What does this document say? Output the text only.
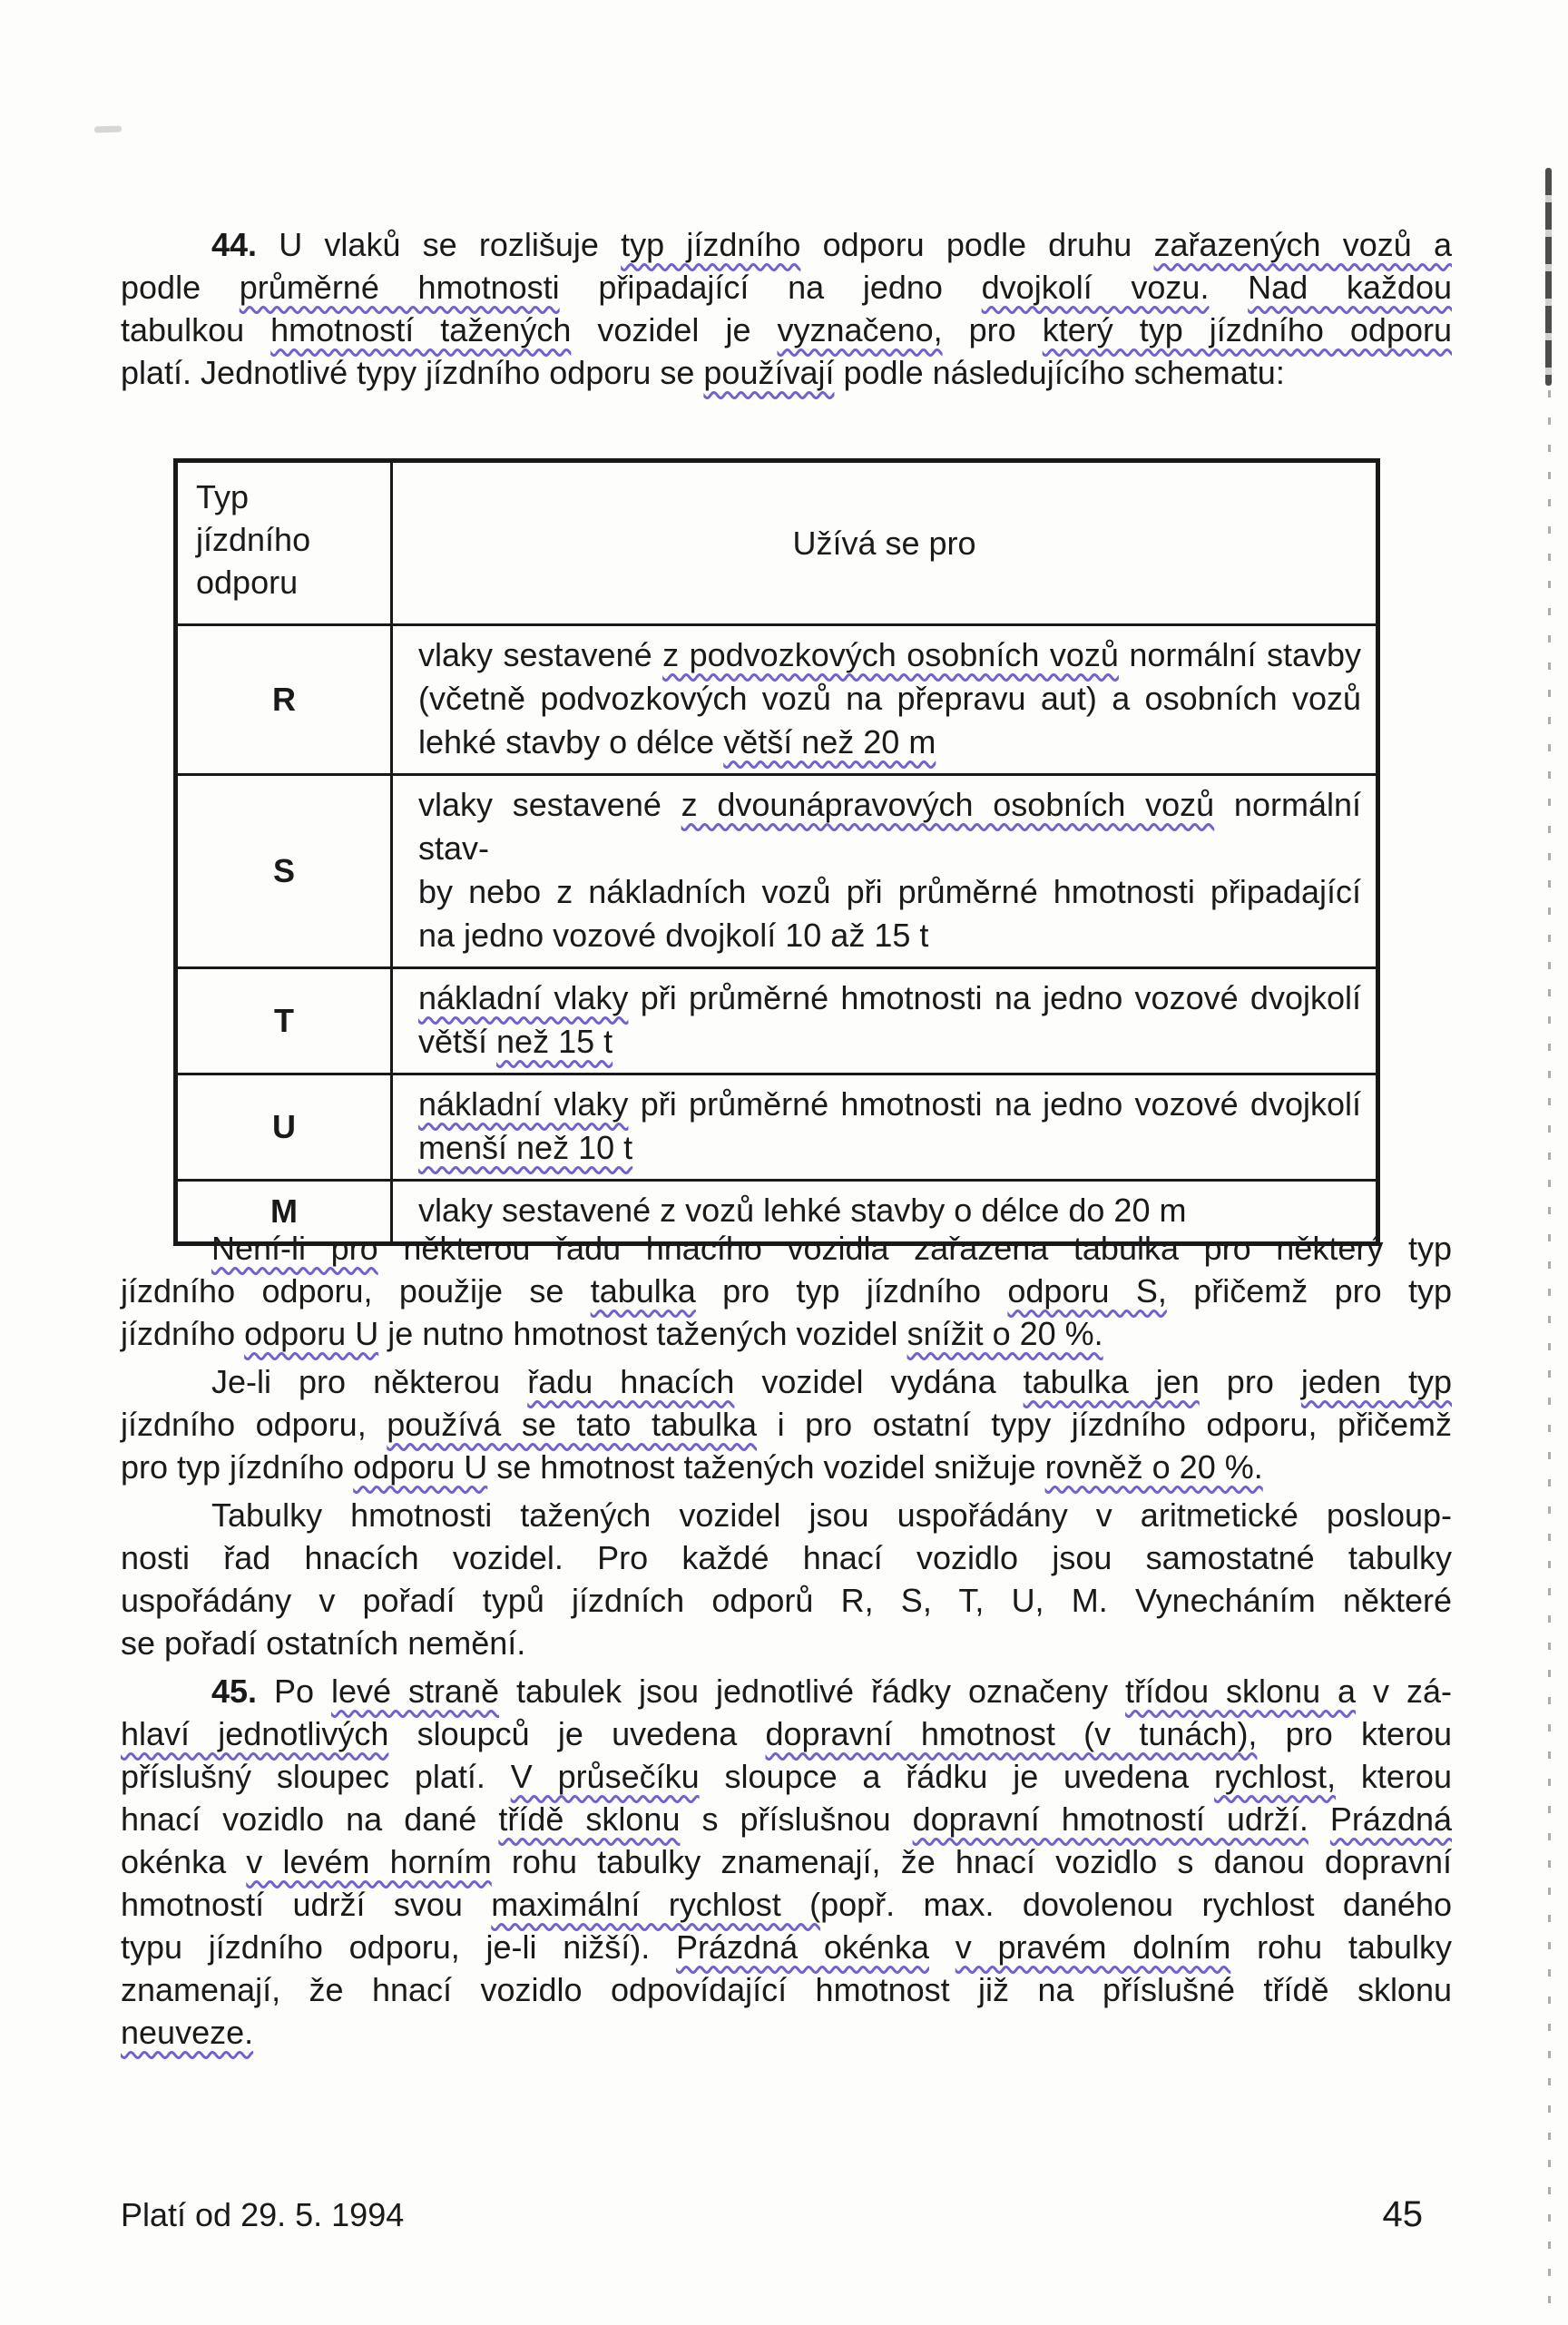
44. U vlaků se rozlišuje typ jízdního odporu podle druhu zařazených vozů a
podle průměrné hmotnosti připadající na jedno dvojkolí vozu. Nad každou
tabulkou hmotností tažených vozidel je vyznačeno, pro který typ jízdního odporu
platí. Jednotlivé typy jízdního odporu se používají podle následujícího schematu:
Typ
jízdního
odporu	Užívá se pro
R	vlaky sestavené z podvozkových osobních vozů normální stavby
(včetně podvozkových vozů na přepravu aut) a osobních vozů
lehké stavby o délce větší než 20 m

S	vlaky sestavené z dvounápravových osobních vozů normální stav-
by nebo z nákladních vozů při průměrné hmotnosti připadající
na jedno vozové dvojkolí 10 až 15 t

T	nákladní vlaky při průměrné hmotnosti na jedno vozové dvojkolí
větší než 15 t

U	nákladní vlaky při průměrné hmotnosti na jedno vozové dvojkolí
menší než 10 t

M	vlaky sestavené z vozů lehké stavby o délce do 20 m
Není-li pro některou řadu hnacího vozidla zařazena tabulka pro některý typ
jízdního odporu, použije se tabulka pro typ jízdního odporu S, přičemž pro typ
jízdního odporu U je nutno hmotnost tažených vozidel snížit o 20 %.
Je-li pro některou řadu hnacích vozidel vydána tabulka jen pro jeden typ
jízdního odporu, používá se tato tabulka i pro ostatní typy jízdního odporu, přičemž
pro typ jízdního odporu U se hmotnost tažených vozidel snižuje rovněž o 20 %.
Tabulky hmotnosti tažených vozidel jsou uspořádány v aritmetické posloup-
nosti řad hnacích vozidel. Pro každé hnací vozidlo jsou samostatné tabulky
uspořádány v pořadí typů jízdních odporů R, S, T, U, M. Vynecháním některé
se pořadí ostatních nemění.
45. Po levé straně tabulek jsou jednotlivé řádky označeny třídou sklonu a v zá-
hlaví jednotlivých sloupců je uvedena dopravní hmotnost (v tunách), pro kterou
příslušný sloupec platí. V průsečíku sloupce a řádku je uvedena rychlost, kterou
hnací vozidlo na dané třídě sklonu s příslušnou dopravní hmotností udrží. Prázdná
okénka v levém horním rohu tabulky znamenají, že hnací vozidlo s danou dopravní
hmotností udrží svou maximální rychlost (popř. max. dovolenou rychlost daného
typu jízdního odporu, je-li nižší). Prázdná okénka v pravém dolním rohu tabulky
znamenají, že hnací vozidlo odpovídající hmotnost již na příslušné třídě sklonu
neuveze.
Platí od 29. 5. 1994	45
